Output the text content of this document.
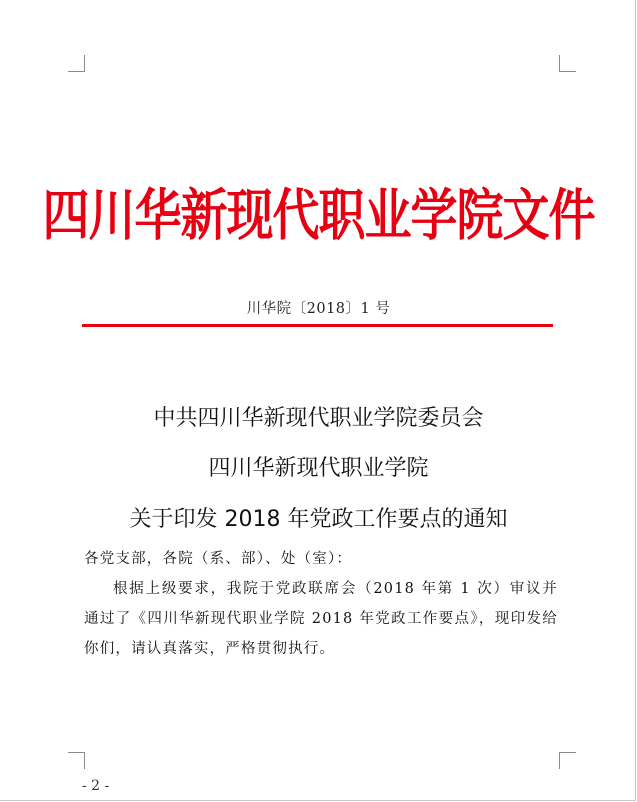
四川华新现代职业学院文件
川华院〔2018〕1 号
中共四川华新现代职业学院委员会
四川华新现代职业学院
关于印发 2018 年党政工作要点的通知

各党支部，各院（系、部）、处（室）：

根据上级要求，我院于党政联席会（2018 年第 1 次）审议并通过了《四川华新现代职业学院 2018 年党政工作要点》，现印发给你们，请认真落实，严格贯彻执行。

- 2 -
